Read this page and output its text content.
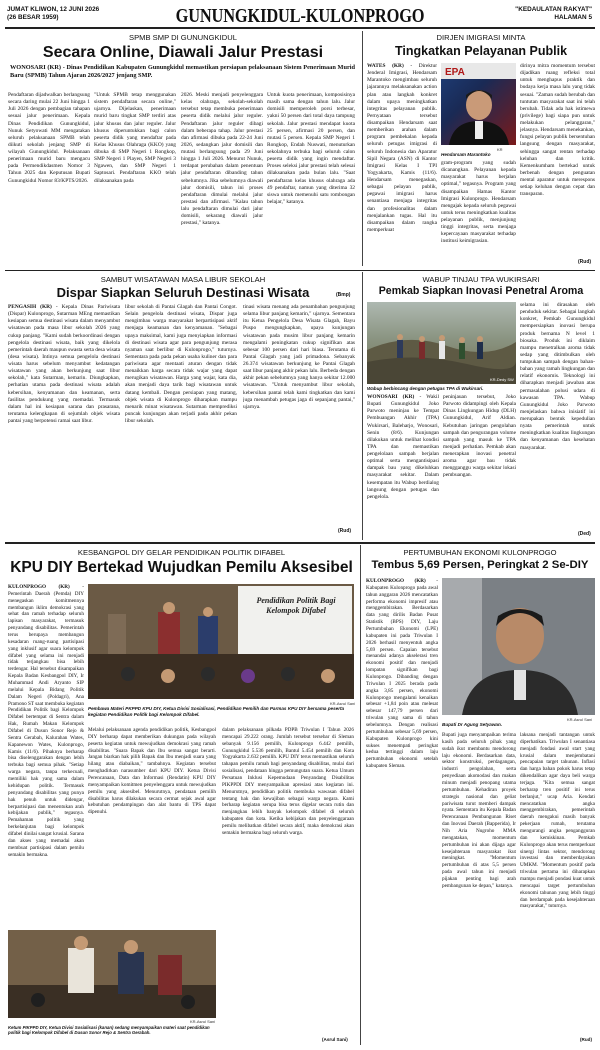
JUMAT KLIWON, 12 JUNI 2026
(26 BESAR 1959)	GUNUNGKIDUL-KULONPROGO	"KEDAULATAN RAKYAT"
HALAMAN 5
SPMB SMP DI GUNUNGKIDUL
Secara Online, Diawali Jalur Prestasi
WONOSARI (KR) - Dinas Pendidikan Kabupaten Gunungkidul memastikan persiapan pelaksanaan Sistem Penerimaan Murid Baru (SPMB) Tahun Ajaran 2026/2027 jenjang SMP.
Pendaftaran dijadwalkan berlangsung secara daring mulai 22 Juni hingga 1 Juli 2026 dengan pembagian tahapan sesuai jalur penerimaan. Kepala Dinas Pendidikan Gunungkidul, Nunuk Setyowati MM mengatakan seluruh pelaksanaan SPMB telah diikuti sekolah jenjang SMP di wilayah Gunungkidul. Pelaksanaan penerimaan murid baru mengacu pada Permendikdasmen Nomor 3 Tahun 2025 dan Keputusan Bupati Gunungkidul Nomor 83/KPTS/2026.
"Untuk SPMB tetap menggunakan sistem pendaftaran secara online," ujarnya. Dijelaskan, penerimaan murid baru tingkat SMP terdiri atas jalur khusus dan jalur reguler. Jalur khusus diperuntukkan bagi calon peserta didik yang mendaftar pada Kelas Khusus Olahraga (KKO) yang dibuka di SMP Negeri 1 Rongkop, SMP Negeri 1 Playen, SMP Negeri 3 Ngawen, dan SMP Negeri 1 Saptosari. Pendaftaran KKO telah dilaksanakan pada
2026. Meski menjadi penyelenggara kelas olahraga, sekolah-sekolah tersebut tetap membuka penerimaan peserta didik melalui jalur reguler. Pendaftaran jalur reguler dibagi dalam beberapa tahap. Jalur prestasi dan afirmasi dibuka pada 22-24 Juni 2026, sedangkan jalur domisili dan mutasi berlangsung pada 29 Juni hingga 1 Juli 2026. Menurut Nunuk, terdapat perubahan dalam penentuan jalur pendaftaran dibanding tahun sebelumnya. Jika sebelumnya diawali jalur domisili, tahun ini proses pendaftaran dimulai melalui jalur prestasi dan afirmasi. "Kalau tahun lalu pendaftaran dimulai dari jalur domisili, sekarang diawali jalur prestasi," katanya.
Untuk kuota penerimaan, komposisinya masih sama dengan tahun lalu. Jalur domisili memperoleh porsi terbesar, yakni 50 persen dari total daya tampung sekolah. Jalur prestasi mendapat kuota 25 persen, afirmasi 20 persen, dan mutasi 5 persen. Kepala SMP Negeri 1 Rongkop, Endah Nuswati, menuturkan sekolahnya terbuka bagi seluruh calon peserta didik yang ingin mendaftar. Proses seleksi jalur prestasi telah selesai dilaksanakan pada bulan lalu. "Saat pendaftaran kelas khusus olahraga ada 49 pendaftar, namun yang diterima 32 siswa untuk memenuhi satu rombongan belajar," katanya.
(Bmp)
DIRJEN IMIGRASI MINTA
Tingkatkan Pelayanan Publik
WATES (KR) - Direktur Jenderal Imigrasi, Hendarsam Marantoko mengimbau seluruh jajarannya melaksanakan action plan atau langkah konkret dalam upaya meningkatkan integritas pelayanan publik. Pernyataan tersebut disampaikan Hendarsam saat memberikan arahan dalam program pembekalan kepada seluruh petugas imigrasi di seluruh Indonesia dan Aparatur Sipil Negara (ASN) di Kantor Imigrasi Kelas I TPI Yogyakarta, Kamis (11/6). Hendarsam menegaskan, sebagai pelayan publik, pegawai imigrasi harus senantiasa menjaga integritas dan profesionalitas dalam menjalankan tugas. Hal itu disampaikan dalam rangka memperkuat
EPA
KR
Hendarsam Marantoko
gram-program yang sudah dicanangkan. Pelayanan kepada masyarakat harus berjalan optimal," tegasnya. Program yang disampaikan Hamas Kantor Imigrasi Kulonprogo. Hendarsam mengajak kepada seluruh pegawai untuk terus meningkatkan kualitas pelayanan publik, menjunjung tinggi integritas, serta menjaga kepercayaan masyarakat terhadap institusi keimigrasian.
dirinya mitra momentum tersebut dijadikan ruang refleksi total untuk menghapus praktik dan budaya kerja masa lalu yang tidak sesuai. "Zaman sudah berubah dan tuntutan masyarakat saat ini telah berubah. Tidak ada hak istimewa (privilege) bagi siapa pun untuk melakukan pelanggaran," jelasnya. Hendarsam menekankan, fungsi pelayan publik bersentuhan langsung dengan masyarakat, sehingga sangat rentan terhadap keluhan dan kritik. Kemenkumham bertekad untuk berbenah dengan penguatan mental aparatur untuk merespons setiap keluhan dengan cepat dan transparan.
(Rud)
SAMBUT WISATAWAN MASA LIBUR SEKOLAH
Dispar Siapkan Seluruh Destinasi Wisata
PENGASIH (KR) - Kepala Dinas Pariwisata (Dispar) Kulonprogo, Sutarman MEng memastikan kesiapan semua destinasi wisata dalam menyambut wisatawan pada masa libur sekolah 2026 yang cukup panjang. "Kami sudah berkoordinasi dengan pengelola destinasi wisata, baik yang dikelola pemerintah daerah maupun swasta serta desa wisata (desa wisata). Intinya semua pengelola destinasi wisata harus sebelum menyambut kedatangan wisatawan yang akan berkunjung saat libur sekolah," kata Sutarman, kemarin. Diungkapkan, perhatian utama pada destinasi wisata adalah kebersihan, kenyamanan dan keamanan, serta fasilitas pendukung yang memadai. Termasuk dalam hal ini kesiapan sarana dan prasarana, terutama kelengkapan di sejumlah objek wisata pantai yang berpotensi ramai saat libur.
libur sekolah di Pantai Glagah dan Pantai Congot. Selain pengelola destinasi wisata, Dispar juga mengimbau warga masyarakat berpartisipasi aktif menjaga keamanan dan kenyamanan. "Sebagai upaya maksimal, kami juga menyiapkan informasi di destinasi wisata agar para pengunjung merasa nyaman saat berlibur di Kulonprogo," tuturnya. Sementara pada pada pekan usaha kuliner dan para pariwisata agar mentaati aturan dengan tidak menaikkan harga secara tidak wajar yang dapat merugikan wisatawan. Harga yang wajar, kata dia, akan menjadi daya tarik bagi wisatawan untuk datang kembali. Dengan persiapan yang matang, objek wisata di Kulonprogo diharapkan mampu menarik minat wisatawan. Sutarman memprediksi puncak kunjungan akan terjadi pada akhir pekan libur sekolah.
tinasi wisata menang ada penambahan pengunjung selama libur panjang kemarin," ujarnya. Sementara itu Ketua Pengelola Desa Wisata Glagah, Bayu Puspo mengungkapkan, upaya kunjungan wisatawan pada musim libur panjang kemarin mengalami peningkatan cukup signifikan atas sebesar 100 persen dari hari biasa. Terutama di Pantai Glagah yang jadi primadona. Sebanyak 26.374 wisatawan berkunjung ke Pantai Glagah saat libur panjang akhir pekan lalu. Berbeda dengan akhir pekan sebelumnya yang hanya sekitar 12.000 wisatawan. "Untuk menyambut libur sekolah, kebersihan pantai telah kami tingkatkan dan kami juga menambah petugas jaga di sepanjang pantai," ujarnya.
(Rud)
WABUP TINJAU TPA WUKIRSARI
Pemkab Siapkan Inovasi Penetral Aroma
KR-Dedy SW
Wabup berbincang dengan petugas TPA di Wukirsari.
WONOSARI (KR) - Wakil Bupati Gunungkidul Joko Parwoto meninjau ke Tempat Pembuangan Akhir (TPA) Wukirsari, Baleharjo, Wonosari, Senin (8/6). Kunjungan dilakukan untuk melihat kondisi TPA dan memastikan pengelolaan sampah berjalan optimal serta mengantisipasi dampak bau yang dikeluhkan masyarakat sekitar. Dalam kesempatan itu Wabup berdialog langsung dengan petugas dan pengelola.
peninjauan tersebut, Joko Parwoto didampingi oleh Kepala Dinas Lingkungan Hidup (DLH) Gunungkidul, Arif Aldian. Kebutuhan jaringan pengolahan sampah dan pengurangan volume sampah yang masuk ke TPA menjadi perhatian. Pemkab akan menerapkan inovasi penetral aroma agar bau tidak mengganggu warga sekitar lokasi pembuangan.
selama ini dirasakan oleh penduduk sekitar. Sebagai langkah konkret, Pemkab Gunungkidul mempersiapkan inovasi berupa produk bernama N level 1 biosaka. Produk ini diklaim mampu menetralkan aroma tidak sedap yang ditimbulkan oleh tumpukan sampah dengan bahan-bahan yang ramah lingkungan dan relatif ekonomis. Teknologi ini diharapkan menjadi jawaban atas permasalahan polusi udara di kawasan TPA. Wabup Gunungkidul Joko Parwoto menjelaskan bahwa inisiatif ini merupakan bentuk kepedulian nyata pemerintah untuk meningkatkan kualitas lingkungan dan kenyamanan dan kesehatan masyarakat.
(Ded)
KESBANGPOL DIY GELAR PENDIDIKAN POLITIK DIFABEL
KPU DIY Bertekad Wujudkan Pemilu Aksesibel
KULONPROGO (KR) - Pemerintah Daerah (Pemda) DIY menegaskan komitmennya membangun iklim demokrasi yang sehat dan ramah terhadap seluruh lapisan masyarakat, termasuk penyandang disabilitas. Pemerintah terus berupaya membangun kesadaran ruang-ruang partisipasi yang inklusif agar suara kelompok difabel yang selama ini menjadi tidak terjangkau bisa lebih terdengar. Hal tersebut disampaikan Kepala Badan Kesbangpol DIY, Ir Muhammad Andi Aryanto SIP melalui Kepala Bidang Politik Dalam Negeri (Poldagri), Ana Pramono ST saat membuka kegiatan Pendidikan Politik bagi Kelompok Difabel bertempat di Sentra dalam Hak, Rumah Makan Kelompok Difabel di Dusun Sonor Rejo & Sentra Gerabah, Kalurahan Wates, Kapanewon Wates, Kulonprogo, Kamis (11/6). Pihaknya berharap bisa diselenggarakan dengan lebih terbuka bagi semua pihak. "Setiap warga negara, tanpa terkecuali, memiliki hak yang sama dalam kehidupan politik. Termasuk penyandang disabilitas yang punya hak penuh untuk didengar, berpartisipasi dan menentukan arah kebijakan publik," tegasnya. Pemahaman politik yang berkelanjutan bagi kelompok difabel dinilai sangat krusial. Sarana dan akses yang memadai akan membuat partisipasi dalam pemilu semakin bermakna.
Pendidikan Politik Bagi Kelompok Difabel
KR-Asrul Sani
Pembawa Materi PKPPD KPU DIY, Ketua Divisi Sosialisasi, Pendidikan Pemilih dan Parmas KPU DIY bersama peserta kegiatan Pendidikan Politik bagi Kelompok Difabel.
Melalui pelaksanaan agenda pendidikan politik, Kesbangpol DIY berharap dapat memberikan dukungan pada wilayah peserta kegiatan untuk mewujudkan demokrasi yang ramah disabilitas. "Suara Bapak dan Ibu semua sangat berarti. Jangan biarkan hak pilih Bapak dan Ibu menjadi suara yang hilang atau diabaikan," tambahnya. Kegiatan tersebut menghadirkan narasumber dari KPU DIY. Ketua Divisi Perencanaan, Data dan Informasi (Rendatin) KPU DIY menyampaikan komitmen penyelenggara untuk mewujudkan pemilu yang aksesibel. Menurutnya, pendataan pemilih disabilitas harus dilakukan secara cermat sejak awal agar kebutuhan pendampingan dan alat bantu di TPS dapat dipenuhi.
dalam pelaksanaan pilkada PDPB Triwulan I Tahun 2026 mencapai 29.222 orang. Jumlah tersebut tersebar di Sleman sebanyak 9.156 pemilih, Kulonprogo 6.442 pemilih, Gunungkidul 5.536 pemilih, Bantul 5.454 pemilih dan Kota Yogyakarta 2.632 pemilih. KPU DIY terus memastikan seluruh tahapan pemilu ramah bagi penyandang disabilitas, mulai dari sosialisasi, pendataan hingga pemungutan suara. Ketua Umum Persatuan Inklusi Kepemudaan Penyandang Disabilitas PIKPPDI DIY menyampaikan apresiasi atas kegiatan ini. Menurutnya, pendidikan politik membuka wawasan difabel tentang hak dan kewajiban sebagai warga negara. Kami berharap kegiatan serupa bisa terus digelar secara rutin dan menjangkau lebih banyak kelompok difabel di seluruh kabupaten dan kota. Ketika kebijakan dan penyelenggaraan pemilu melibatkan difabel secara aktif, maka demokrasi akan semakin bermakna bagi seluruh warga.
(Asrul Sani)
KR-Asrul Sani
Ketum PIKPPD DIY, Ketua Divisi Sosialisasi (kanan) sedang menyampaikan materi saat pendidikan politik bagi Kelompok Difabel di Dusun Sonor Rejo & Sentra Gerabah.
PERTUMBUHAN EKONOMI KULONPROGO
Tembus 5,69 Persen, Peringkat 2 Se-DIY
KULONPROGO (KR) - Kabupaten Kulonprogo pada awal tahun anggaran 2026 mencatatkan performa ekonomi impresif atau menggembirakan. Berdasarkan data yang dirilis Badan Pusat Statistik (BPS) DIY, Laju Pertumbuhan Ekonomi (LPE) kabupaten ini pada Triwulan I 2026 berhasil menyentuh angka 5,69 persen. Capaian tersebut menandai adanya akselerasi tren ekonomi positif dan menjadi lompatan signifikan bagi Kulonprogo. Dibanding dengan Triwulan I 2025 berada pada angka 3,85 persen, ekonomi Kulonprogo mengalami kenaikan sebesar +1,84 poin atau melesat sebesar 147,79 persen dari triwulan yang sama di tahun sebelumnya. Dengan realisasi pertumbuhan sebesar 5,69 persen, Kabupaten Kulonprogo kini sukses menempati peringkat kedua tertinggi dalam laju pertumbuhan ekonomi setelah kabupaten Sleman.
KR-Asrul Sani
Bupati Dr Agung Setyawan.
Bupati juga menyampaikan terima kasih pada seluruh pihak yang sudah ikut membantu mendorong laju ekonomi. Berdasarkan data, sektor konstruksi, perdagangan, industri pengolahan, serta penyediaan akomodasi dan makan minum menjadi penopang utama pertumbuhan. Kehadiran proyek strategis nasional dan geliat pariwisata turut memberi dampak nyata. Sementara itu Kepala Badan Perencanaan Pembangunan Riset dan Inovasi Daerah (Bapperida), Ir Nih Aria Nugroho MMA mengatakan, momentum pertumbuhan ini akan dijaga agar kesejahteraan masyarakat ikut meningkat. "Momentum pertumbuhan di atas 5,5 persen pada awal tahun ini menjadi pijakan penting bagi arah pembangunan ke depan," katanya.
laksana menjadi tantangan untuk diperhatikan. Triwulan I senantiasa menjadi fondasi awal start yang krusial dalam menjembatani pencapaian target tahunan. Inflasi dan harga bahan pokok harus tetap dikendalikan agar daya beli warga terjaga. "Kita semua sangat berharap tren positif ini terus berlanjut," ucap Aria. Kendati mencatatkan angka menggembirakan, pemerintah daerah mengakui masih banyak pekerjaan rumah, terutama mengurangi angka pengangguran dan kemiskinan. Pemkab Kulonprogo akan terus memperkuat sinergi lintas sektor, mendorong investasi dan memberdayakan UMKM. "Momentum positif pada triwulan pertama ini diharapkan mampu menjadi pondasi kuat untuk mencapai target pertumbuhan ekonomi tahunan yang lebih tinggi dan berdampak pada kesejahteraan masyarakat," tuturnya.
(Rud)
